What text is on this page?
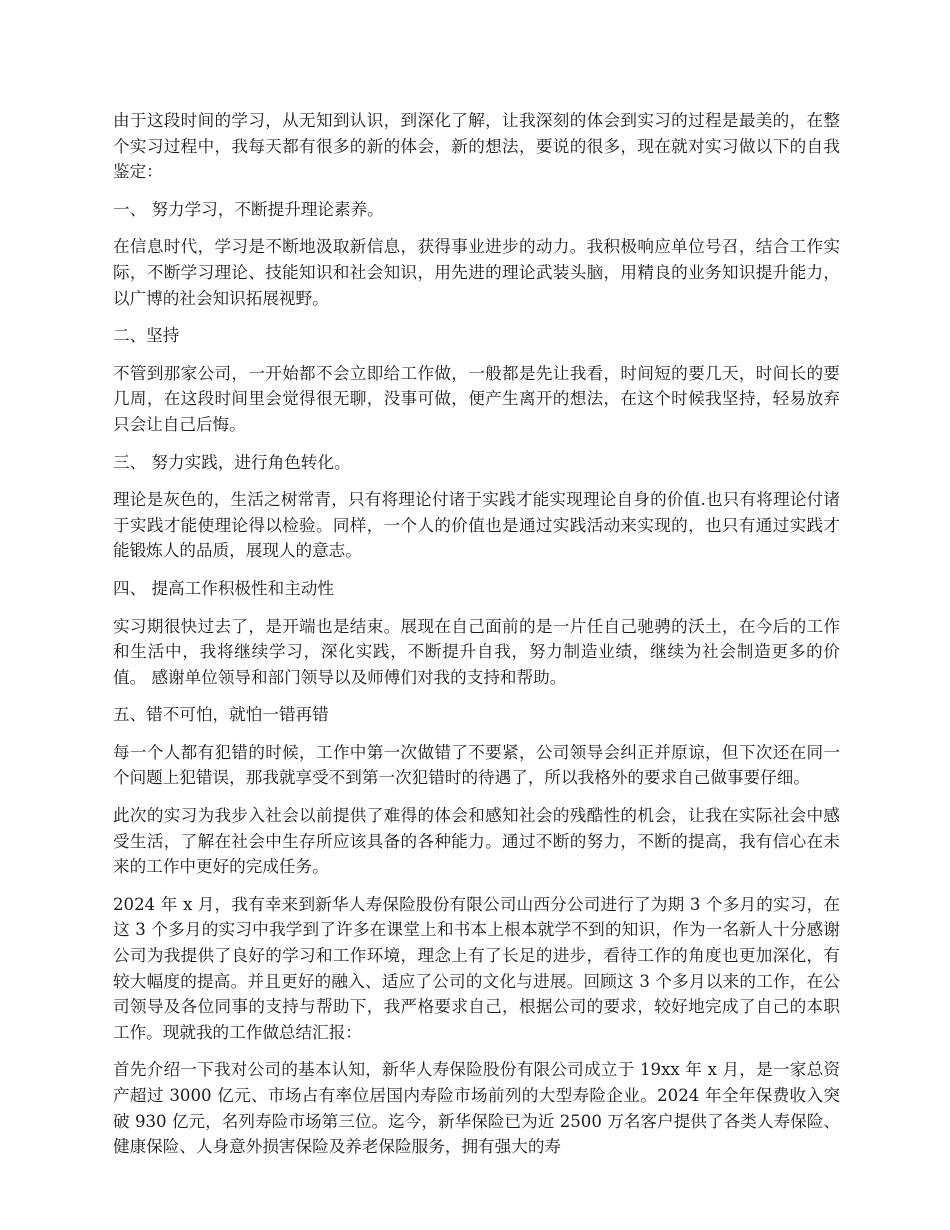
由于这段时间的学习，从无知到认识，到深化了解，让我深刻的体会到实习的过程是最美的，在整个实习过程中，我每天都有很多的新的体会，新的想法，要说的很多，现在就对实习做以下的自我鉴定：

一、 努力学习，不断提升理论素养。

在信息时代，学习是不断地汲取新信息，获得事业进步的动力。我积极响应单位号召，结合工作实际，不断学习理论、技能知识和社会知识，用先进的理论武装头脑，用精良的业务知识提升能力，以广博的社会知识拓展视野。

二、坚持

不管到那家公司，一开始都不会立即给工作做，一般都是先让我看，时间短的要几天，时间长的要几周，在这段时间里会觉得很无聊，没事可做，便产生离开的想法，在这个时候我坚持，轻易放弃只会让自己后悔。

三、 努力实践，进行角色转化。

理论是灰色的，生活之树常青，只有将理论付诸于实践才能实现理论自身的价值.也只有将理论付诸于实践才能使理论得以检验。同样，一个人的价值也是通过实践活动来实现的，也只有通过实践才能锻炼人的品质，展现人的意志。

四、 提高工作积极性和主动性

实习期很快过去了，是开端也是结束。展现在自己面前的是一片任自己驰骋的沃土，在今后的工作和生活中，我将继续学习，深化实践，不断提升自我，努力制造业绩，继续为社会制造更多的价值。 感谢单位领导和部门领导以及师傅们对我的支持和帮助。

五、错不可怕，就怕一错再错

每一个人都有犯错的时候，工作中第一次做错了不要紧，公司领导会纠正并原谅，但下次还在同一个问题上犯错误，那我就享受不到第一次犯错时的待遇了，所以我格外的要求自己做事要仔细。

此次的实习为我步入社会以前提供了难得的体会和感知社会的残酷性的机会，让我在实际社会中感受生活，了解在社会中生存所应该具备的各种能力。通过不断的努力，不断的提高，我有信心在未来的工作中更好的完成任务。

2024 年 x 月，我有幸来到新华人寿保险股份有限公司山西分公司进行了为期 3 个多月的实习，在这 3 个多月的实习中我学到了许多在课堂上和书本上根本就学不到的知识，作为一名新人十分感谢公司为我提供了良好的学习和工作环境，理念上有了长足的进步，看待工作的角度也更加深化，有较大幅度的提高。并且更好的融入、适应了公司的文化与进展。回顾这 3 个多月以来的工作，在公司领导及各位同事的支持与帮助下，我严格要求自己，根据公司的要求，较好地完成了自己的本职工作。现就我的工作做总结汇报：

首先介绍一下我对公司的基本认知，新华人寿保险股份有限公司成立于 19xx 年 x 月，是一家总资产超过 3000 亿元、市场占有率位居国内寿险市场前列的大型寿险企业。2024 年全年保费收入突破 930 亿元，名列寿险市场第三位。迄今，新华保险已为近 2500 万名客户提供了各类人寿保险、健康保险、人身意外损害保险及养老保险服务，拥有强大的寿
